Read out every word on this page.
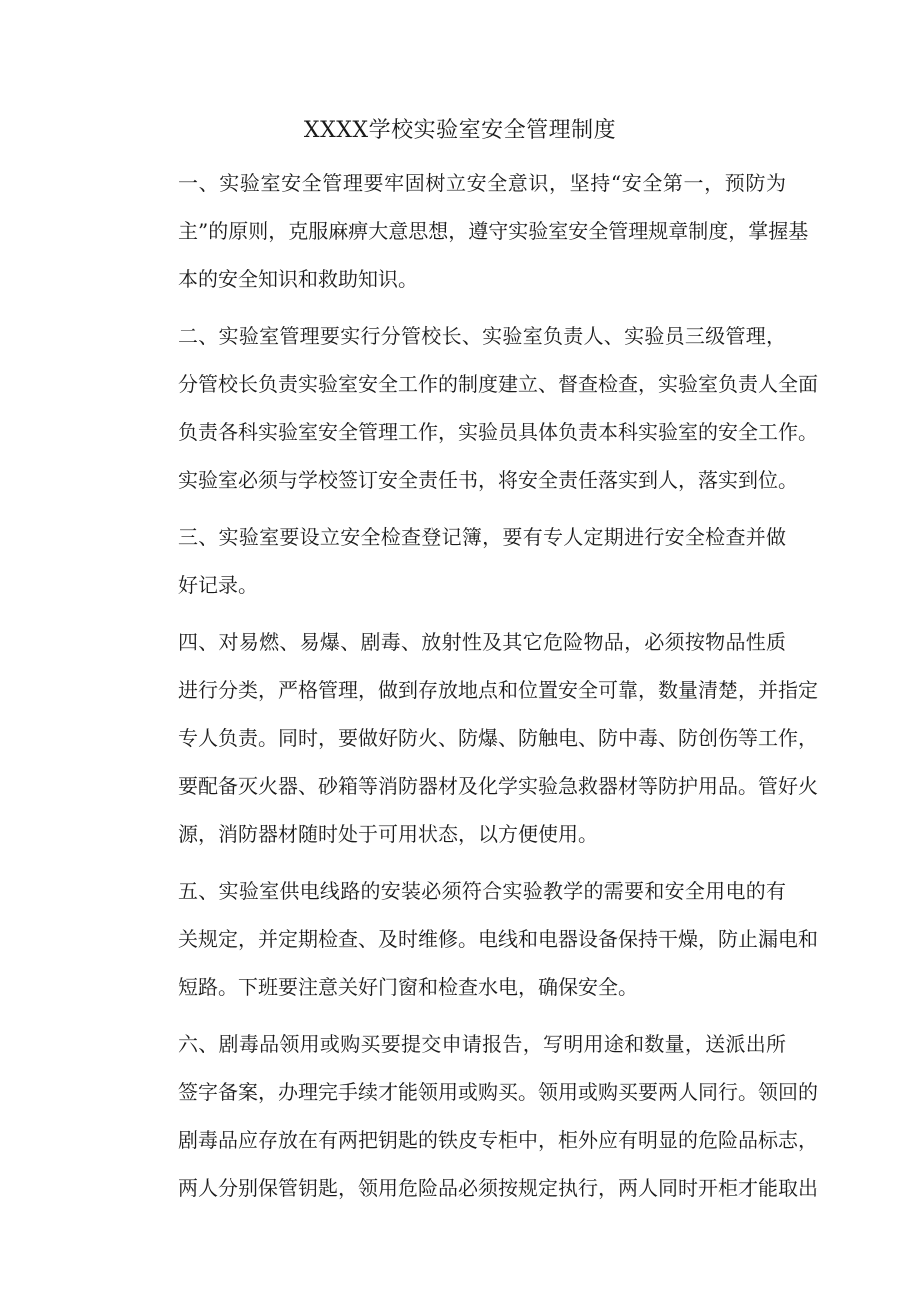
XXXX学校实验室安全管理制度
一、实验室安全管理要牢固树立安全意识，坚持“安全第一，预防为
主”的原则，克服麻痹大意思想，遵守实验室安全管理规章制度，掌握基
本的安全知识和救助知识。
二、实验室管理要实行分管校长、实验室负责人、实验员三级管理，
分管校长负责实验室安全工作的制度建立、督查检查，实验室负责人全面
负责各科实验室安全管理工作，实验员具体负责本科实验室的安全工作。
实验室必须与学校签订安全责任书，将安全责任落实到人，落实到位。
三、实验室要设立安全检查登记簿，要有专人定期进行安全检查并做
好记录。
四、对易燃、易爆、剧毒、放射性及其它危险物品，必须按物品性质
进行分类，严格管理，做到存放地点和位置安全可靠，数量清楚，并指定
专人负责。同时，要做好防火、防爆、防触电、防中毒、防创伤等工作，
要配备灭火器、砂箱等消防器材及化学实验急救器材等防护用品。管好火
源，消防器材随时处于可用状态，以方便使用。
五、实验室供电线路的安装必须符合实验教学的需要和安全用电的有
关规定，并定期检查、及时维修。电线和电器设备保持干燥，防止漏电和
短路。下班要注意关好门窗和检查水电，确保安全。
六、剧毒品领用或购买要提交申请报告，写明用途和数量，送派出所
签字备案，办理完手续才能领用或购买。领用或购买要两人同行。领回的
剧毒品应存放在有两把钥匙的铁皮专柜中，柜外应有明显的危险品标志，
两人分别保管钥匙，领用危险品必须按规定执行，两人同时开柜才能取出
